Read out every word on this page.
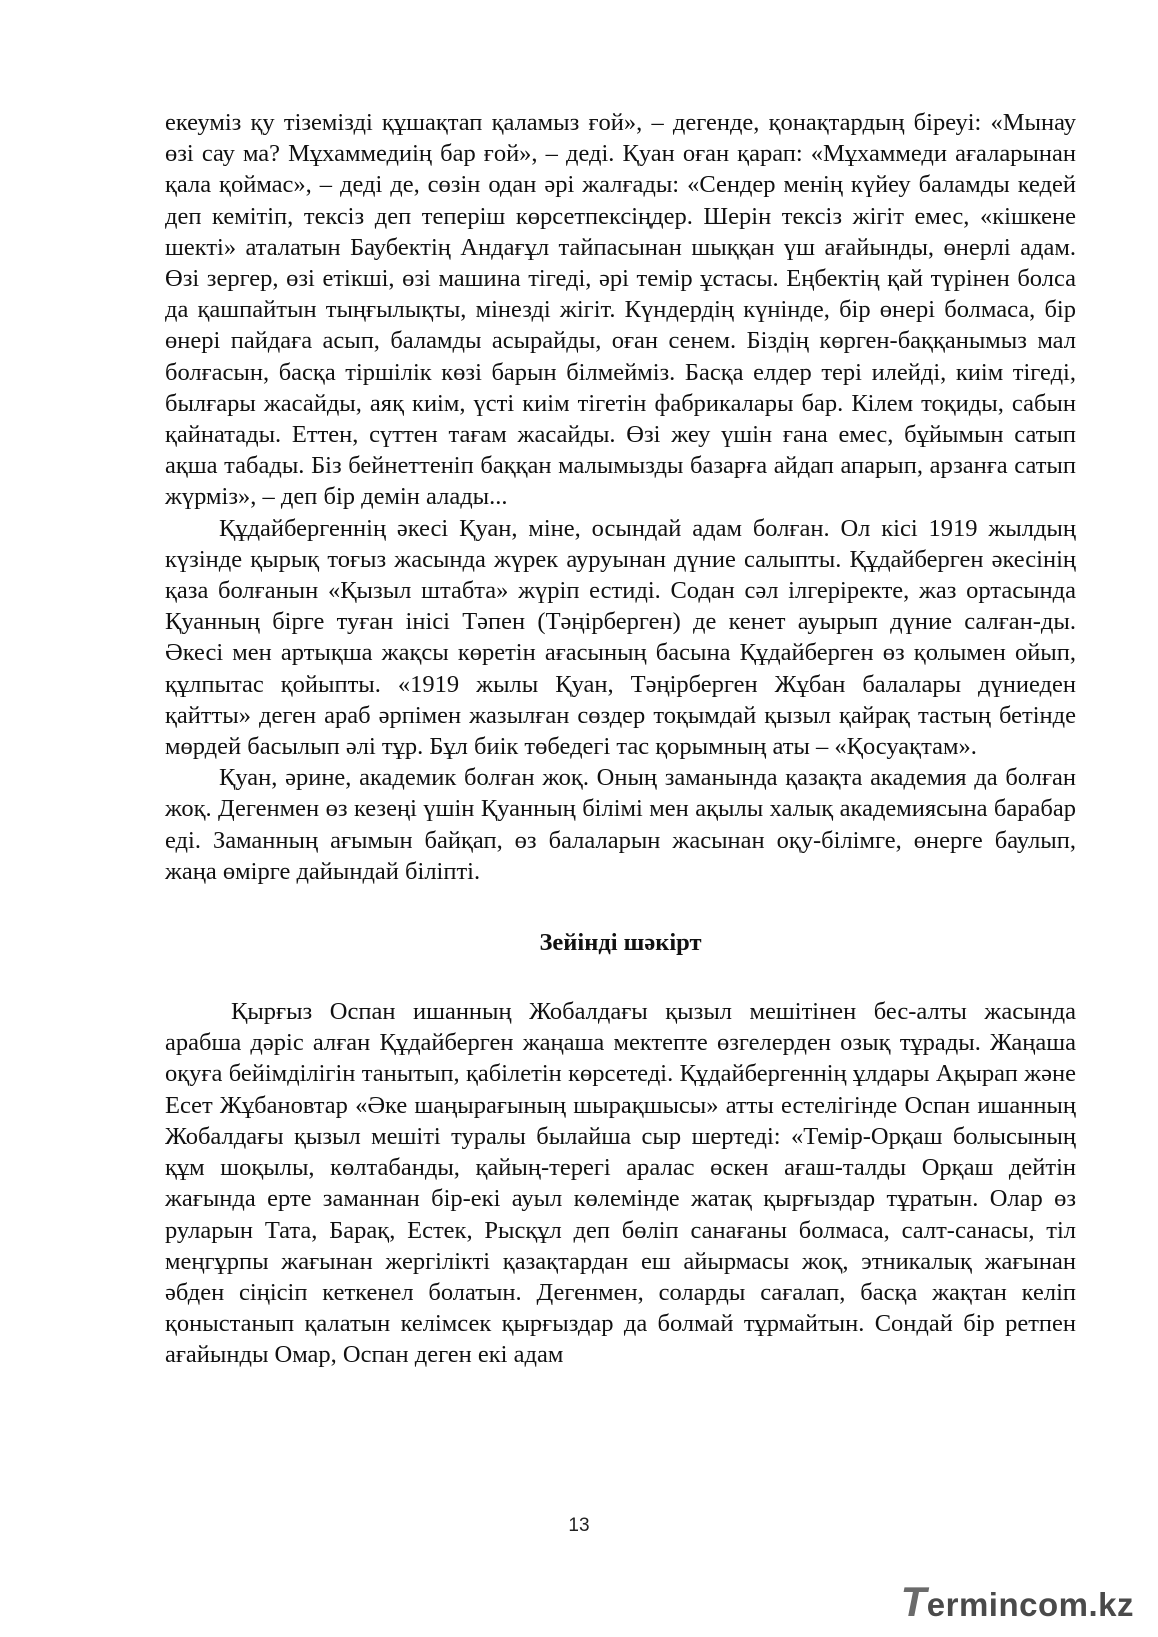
екеуміз қу тіземізді құшақтап қаламыз ғой», – дегенде, қонақтардың біреуі: «Мынау өзі сау ма? Мұхаммедиің бар ғой», – деді. Қуан оған қарап: «Мұхаммеди ағаларынан қала қоймас», – деді де, сөзін одан әрі жалғады: «Сендер менің күйеу баламды кедей деп кемітіп, тексіз деп тепеpіш көрсетпексіңдер. Шерін тексіз жігіт емес, «кішкене шекті» аталатын Баубектің Андағұл тайпасынан шыққан үш ағайынды, өнерлі адам. Өзі зергер, өзі етікші, өзі машина тігеді, әрі темір ұстасы. Еңбектің қай түрінен болса да қашпайтын тыңғылықты, мінезді жігіт. Күндердің күнінде, бір өнері болмаса, бір өнері пайдаға асып, баламды асырайды, оған сенем. Біздің көрген-бaққанымыз мал болғасын, басқа тіршілік көзі барын білмейміз. Басқа елдер тері илейді, киім тігеді, былғары жасайды, аяқ киім, үсті киім тігетін фабрикалары бар. Кілем тоқиды, сабын қайнатады. Еттен, сүттен тағам жасайды. Өзі жеу үшін ғана емес, бұйымын сатып ақша табады. Біз бейнеттеніп баққан малымызды базарға айдап апарып, арзанға сатып жүрміз», – деп бір демін алады...

Құдайбергеннің әкесі Қуан, міне, осындай адам болған. Ол кісі 1919 жылдың күзінде қырық тоғыз жасында жүрек ауруынан дүние салыпты. Құдайберген әкесінің қаза болғанын «Қызыл штабта» жүріп естиді. Содан сәл ілгеріректе, жаз ортасында Қуанның бірге туған інісі Тәпен (Тәңірберген) де кенет ауырып дүние салған-ды. Әкесі мен артықша жақсы көретін ағасының басына Құдайберген өз қолымен ойып, құлпытас қойыпты. «1919 жылы Қуан, Тәңірберген Жұбан балалары дүниеден қайтты» деген араб әрпімен жазылған сөздер тоқымдай қызыл қайрақ тастың бетінде мөрдей басылып әлі тұр. Бұл биік төбедегі тас қорымның аты – «Қосуақтам».

Қуан, әрине, академик болған жоқ. Оның заманында қазақта академия да болған жоқ. Дегенмен өз кезеңі үшін Қуанның білімі мен ақылы халық академиясына барабар еді. Заманның ағымын байқап, өз балаларын жасынан оқу-білімге, өнерге баулып, жаңа өмірге дайындай біліпті.

Зейінді шәкірт

Қырғыз Оспан ишанның Жобалдағы қызыл мешітінен бес-алты жасында арабша дәріс алған Құдайберген жаңаша мектепте өзгелерден озық тұрады. Жаңаша оқуға бейімділігін танытып, қабілетін көрсетеді. Құдайбергеннің ұлдары Ақырап және Есет Жұбановтар «Әке шаңырағының шырақшысы» атты естелігінде Оспан ишанның Жобалдағы қызыл мешіті туралы былайша сыр шертеді: «Темір-Орқаш болысының құм шоқылы, көлтабанды, қайың-терегі аралас өскен ағаш-талды Орқаш дейтін жағында ерте заманнан бір-екі ауыл көлемінде жатақ қырғыздар тұратын. Олар өз руларын Тата, Барақ, Естек, Рысқұл деп бөліп санағаны болмаса, салт-санасы, тіл меңгұрпы жағынан жергілікті қазақтардан еш айырмасы жоқ, этникалық жағынан әбден сіңісіп кеткенел болатын. Дегенмен, соларды сағалап, басқа жақтан келіп қоныстанып қалатын келімсек қырғыздар да болмай тұрмайтын. Сондай бір ретпен ағайынды Омар, Оспан деген екі адам

13
Termincom.kz
